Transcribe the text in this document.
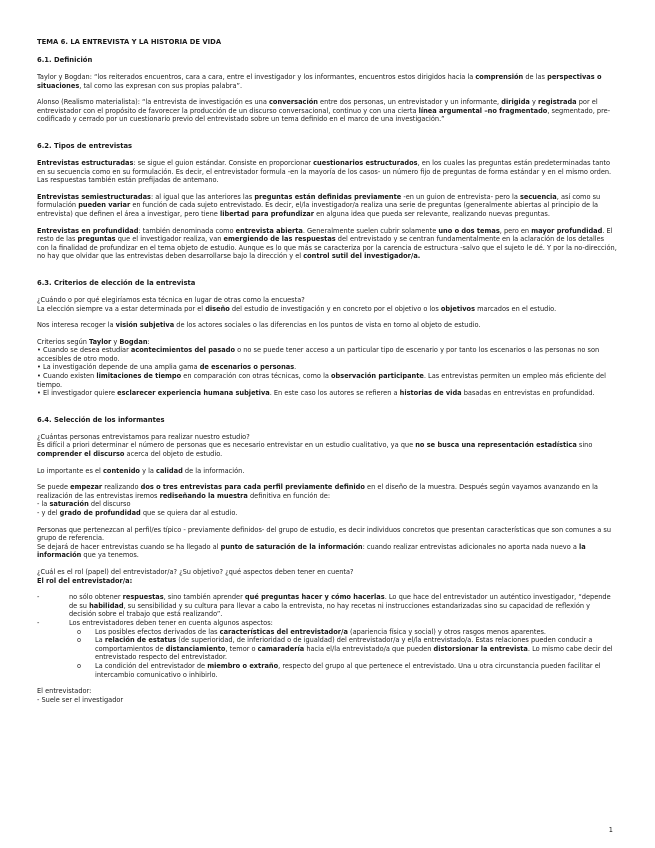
TEMA 6. LA ENTREVISTA Y LA HISTORIA DE VIDA

6.1. Definición

Taylor y Bogdan: “los reiterados encuentros, cara a cara, entre el investigador y los informantes, encuentros estos dirigidos hacia la comprensión de las perspectivas o situaciones, tal como las expresan con sus propias palabra”.

Alonso (Realismo materialista): “la entrevista de investigación es una conversación entre dos personas, un entrevistador y un informante, dirigida y registrada por el entrevistador con el propósito de favorecer la producción de un discurso conversacional, continuo y con una cierta línea argumental –no fragmentado, segmentado, pre-codificado y cerrado por un cuestionario previo del entrevistado sobre un tema definido en el marco de una investigación.”

6.2. Tipos de entrevistas

Entrevistas estructuradas: se sigue el guion estándar. Consiste en proporcionar cuestionarios estructurados, en los cuales las preguntas están predeterminadas tanto en su secuencia como en su formulación. Es decir, el entrevistador formula -en la mayoría de los casos- un número fijo de preguntas de forma estándar y en el mismo orden. Las respuestas también están prefijadas de antemano.

Entrevistas semiestructuradas: al igual que las anteriores las preguntas están definidas previamente -en un guion de entrevista- pero la secuencia, así como su formulación pueden variar en función de cada sujeto entrevistado. Es decir, el/la investigador/a realiza una serie de preguntas (generalmente abiertas al principio de la entrevista) que definen el área a investigar, pero tiene libertad para profundizar en alguna idea que pueda ser relevante, realizando nuevas preguntas.

Entrevistas en profundidad: también denominada como entrevista abierta. Generalmente suelen cubrir solamente uno o dos temas, pero en mayor profundidad. El resto de las preguntas que el investigador realiza, van emergiendo de las respuestas del entrevistado y se centran fundamentalmente en la aclaración de los detalles con la finalidad de profundizar en el tema objeto de estudio. Aunque es lo que más se caracteriza por la carencia de estructura -salvo que el sujeto le dé. Y por la no-dirección, no hay que olvidar que las entrevistas deben desarrollarse bajo la dirección y el control sutil del investigador/a.

6.3. Criterios de elección de la entrevista

¿Cuándo o por qué elegiríamos esta técnica en lugar de otras como la encuesta?

La elección siempre va a estar determinada por el diseño del estudio de investigación y en concreto por el objetivo o los objetivos marcados en el estudio.

Nos interesa recoger la visión subjetiva de los actores sociales o las diferencias en los puntos de vista en torno al objeto de estudio.

Criterios según Taylor y Bogdan:

• Cuando se desea estudiar acontecimientos del pasado o no se puede tener acceso a un particular tipo de escenario y por tanto los escenarios o las personas no son accesibles de otro modo.

• La investigación depende de una amplia gama de escenarios o personas.

• Cuando existen limitaciones de tiempo en comparación con otras técnicas, como la observación participante. Las entrevistas permiten un empleo más eficiente del tiempo.

• El investigador quiere esclarecer experiencia humana subjetiva. En este caso los autores se refieren a historias de vida basadas en entrevistas en profundidad.

6.4. Selección de los informantes

¿Cuántas personas entrevistamos para realizar nuestro estudio?

Es difícil a priori determinar el número de personas que es necesario entrevistar en un estudio cualitativo, ya que no se busca una representación estadística sino comprender el discurso acerca del objeto de estudio.

Lo importante es el contenido y la calidad de la información.

Se puede empezar realizando dos o tres entrevistas para cada perfil previamente definido en el diseño de la muestra. Después según vayamos avanzando en la realización de las entrevistas iremos rediseñando la muestra definitiva en función de:

- la saturación del discurso

- y del grado de profundidad que se quiera dar al estudio.

Personas que pertenezcan al perfil/es típico - previamente definidos- del grupo de estudio, es decir individuos concretos que presentan características que son comunes a su grupo de referencia.

Se dejará de hacer entrevistas cuando se ha llegado al punto de saturación de la información: cuando realizar entrevistas adicionales no aporta nada nuevo a la información que ya tenemos.

¿Cuál es el rol (papel) del entrevistador/a? ¿Su objetivo? ¿qué aspectos deben tener en cuenta?

El rol del entrevistador/a:

-	no sólo obtener respuestas, sino también aprender qué preguntas hacer y cómo hacerlas. Lo que hace del entrevistador un auténtico investigador, “depende de su habilidad, su sensibilidad y su cultura para llevar a cabo la entrevista, no hay recetas ni instrucciones estandarizadas sino su capacidad de reflexión y decisión sobre el trabajo que está realizando”.
-	Los entrevistadores deben tener en cuenta algunos aspectos:
o Los posibles efectos derivados de las características del entrevistador/a (apariencia física y social) y otros rasgos menos aparentes.
o La relación de estatus (de superioridad, de inferioridad o de igualdad) del entrevistador/a y el/la entrevistado/a. Estas relaciones pueden conducir a comportamientos de distanciamiento, temor o camaradería hacia el/la entrevistado/a que pueden distorsionar la entrevista. Lo mismo cabe decir del entrevistado respecto del entrevistador.
o La condición del entrevistador de miembro o extraño, respecto del grupo al que pertenece el entrevistado. Una u otra circunstancia pueden facilitar el intercambio comunicativo o inhibirlo.

El entrevistador:

- Suele ser el investigador

1
